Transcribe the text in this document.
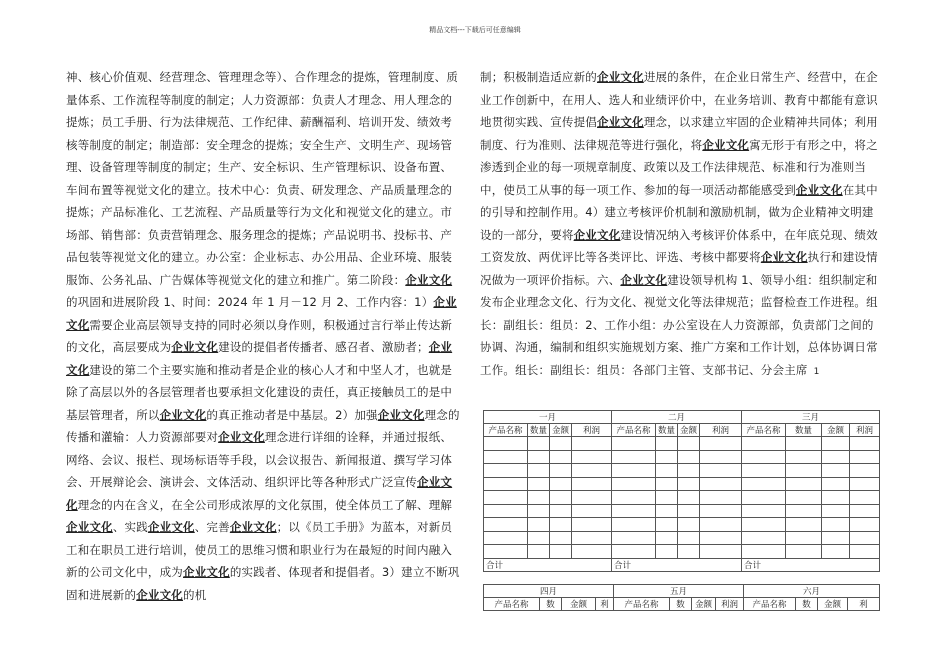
精品文档---下载后可任意编辑
神、核心价值观、经营理念、管理理念等）、合作理念的提炼，管理制度、质量体系、工作流程等制度的制定；人力资源部：负责人才理念、用人理念的提炼；员工手册、行为法律规范、工作纪律、薪酬福利、培训开发、绩效考核等制度的制定；制造部：安全理念的提炼；安全生产、文明生产、现场管理、设备管理等制度的制定；生产、安全标识、生产管理标识、设备布置、车间布置等视觉文化的建立。技术中心：负责、研发理念、产品质量理念的提炼；产品标准化、工艺流程、产品质量等行为文化和视觉文化的建立。市场部、销售部：负责营销理念、服务理念的提炼；产品说明书、投标书、产品包装等视觉文化的建立。办公室：企业标志、办公用品、企业环境、服装服饰、公务礼品、广告媒体等视觉文化的建立和推广。第二阶段：企业文化的巩固和进展阶段 1、时间：2024 年 1 月－12 月 2、工作内容：1）企业文化需要企业高层领导支持的同时必须以身作则，积极通过言行举止传达新的文化，高层要成为企业文化建设的提倡者传播者、感召者、激励者；企业文化建设的第二个主要实施和推动者是企业的核心人才和中坚人才，也就是除了高层以外的各层管理者也要承担文化建设的责任，真正接触员工的是中基层管理者，所以企业文化的真正推动者是中基层。2）加强企业文化理念的传播和灌输：人力资源部要对企业文化理念进行详细的诠释，并通过报纸、网络、会议、报栏、现场标语等手段，以会议报告、新闻报道、撰写学习体会、开展辩论会、演讲会、文体活动、组织评比等各种形式广泛宣传企业文化理念的内在含义，在全公司形成浓厚的文化氛围，使全体员工了解、理解企业文化、实践企业文化、完善企业文化；以《员工手册》为蓝本，对新员工和在职员工进行培训，使员工的思维习惯和职业行为在最短的时间内融入新的公司文化中，成为企业文化的实践者、体现者和提倡者。3）建立不断巩固和进展新的企业文化的机
制；积极制造适应新的企业文化进展的条件，在企业日常生产、经营中，在企业工作创新中，在用人、选人和业绩评价中，在业务培训、教育中都能有意识地贯彻实践、宣传提倡企业文化理念，以求建立牢固的企业精神共同体；利用制度、行为准则、法律规范等进行强化，将企业文化寓无形于有形之中，将之渗透到企业的每一项规章制度、政策以及工作法律规范、标准和行为准则当中，使员工从事的每一项工作、参加的每一项活动都能感受到企业文化在其中的引导和控制作用。4）建立考核评价机制和激励机制，做为企业精神文明建设的一部分，要将企业文化建设情况纳入考核评价体系中，在年底兑现、绩效工资发放、两优评比等各类评比、评选、考核中都要将企业文化执行和建设情况做为一项评价指标。六、企业文化建设领导机构 1、领导小组：组织制定和发布企业理念文化、行为文化、视觉文化等法律规范；监督检查工作进程。组长：副组长：组员：2、工作小组：办公室设在人力资源部，负责部门之间的协调、沟通，编制和组织实施规划方案、推广方案和工作计划，总体协调日常工作。组长：副组长：组员：各部门主管、支部书记、分会主席 1
一月				二月				三月			
产品名称	数量	金额	利润	产品名称	数量	金额	利润	产品名称	数量	金额	利润

合计				合计				合计			
四月				五月				六月			
产品名称	数	金额	利	产品名称	数	金额	利润	产品名称	数	金额	利
